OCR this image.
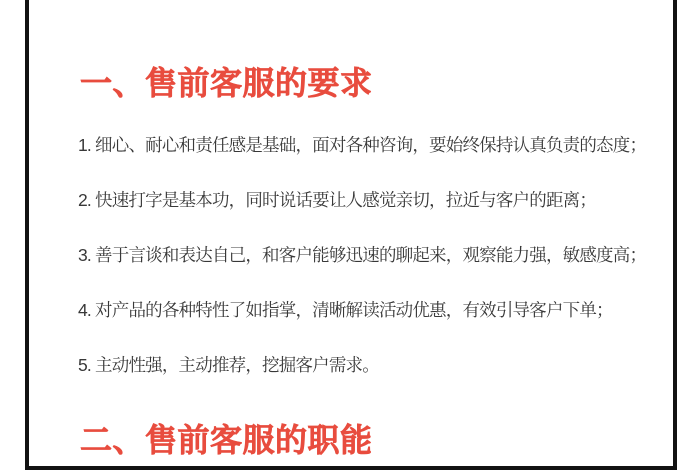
一、售前客服的要求

1. 细心、耐心和责任感是基础，面对各种咨询，要始终保持认真负责的态度；

2. 快速打字是基本功，同时说话要让人感觉亲切，拉近与客户的距离；

3. 善于言谈和表达自己，和客户能够迅速的聊起来，观察能力强，敏感度高；

4. 对产品的各种特性了如指掌，清晰解读活动优惠，有效引导客户下单；

5. 主动性强，主动推荐，挖掘客户需求。

二、售前客服的职能
